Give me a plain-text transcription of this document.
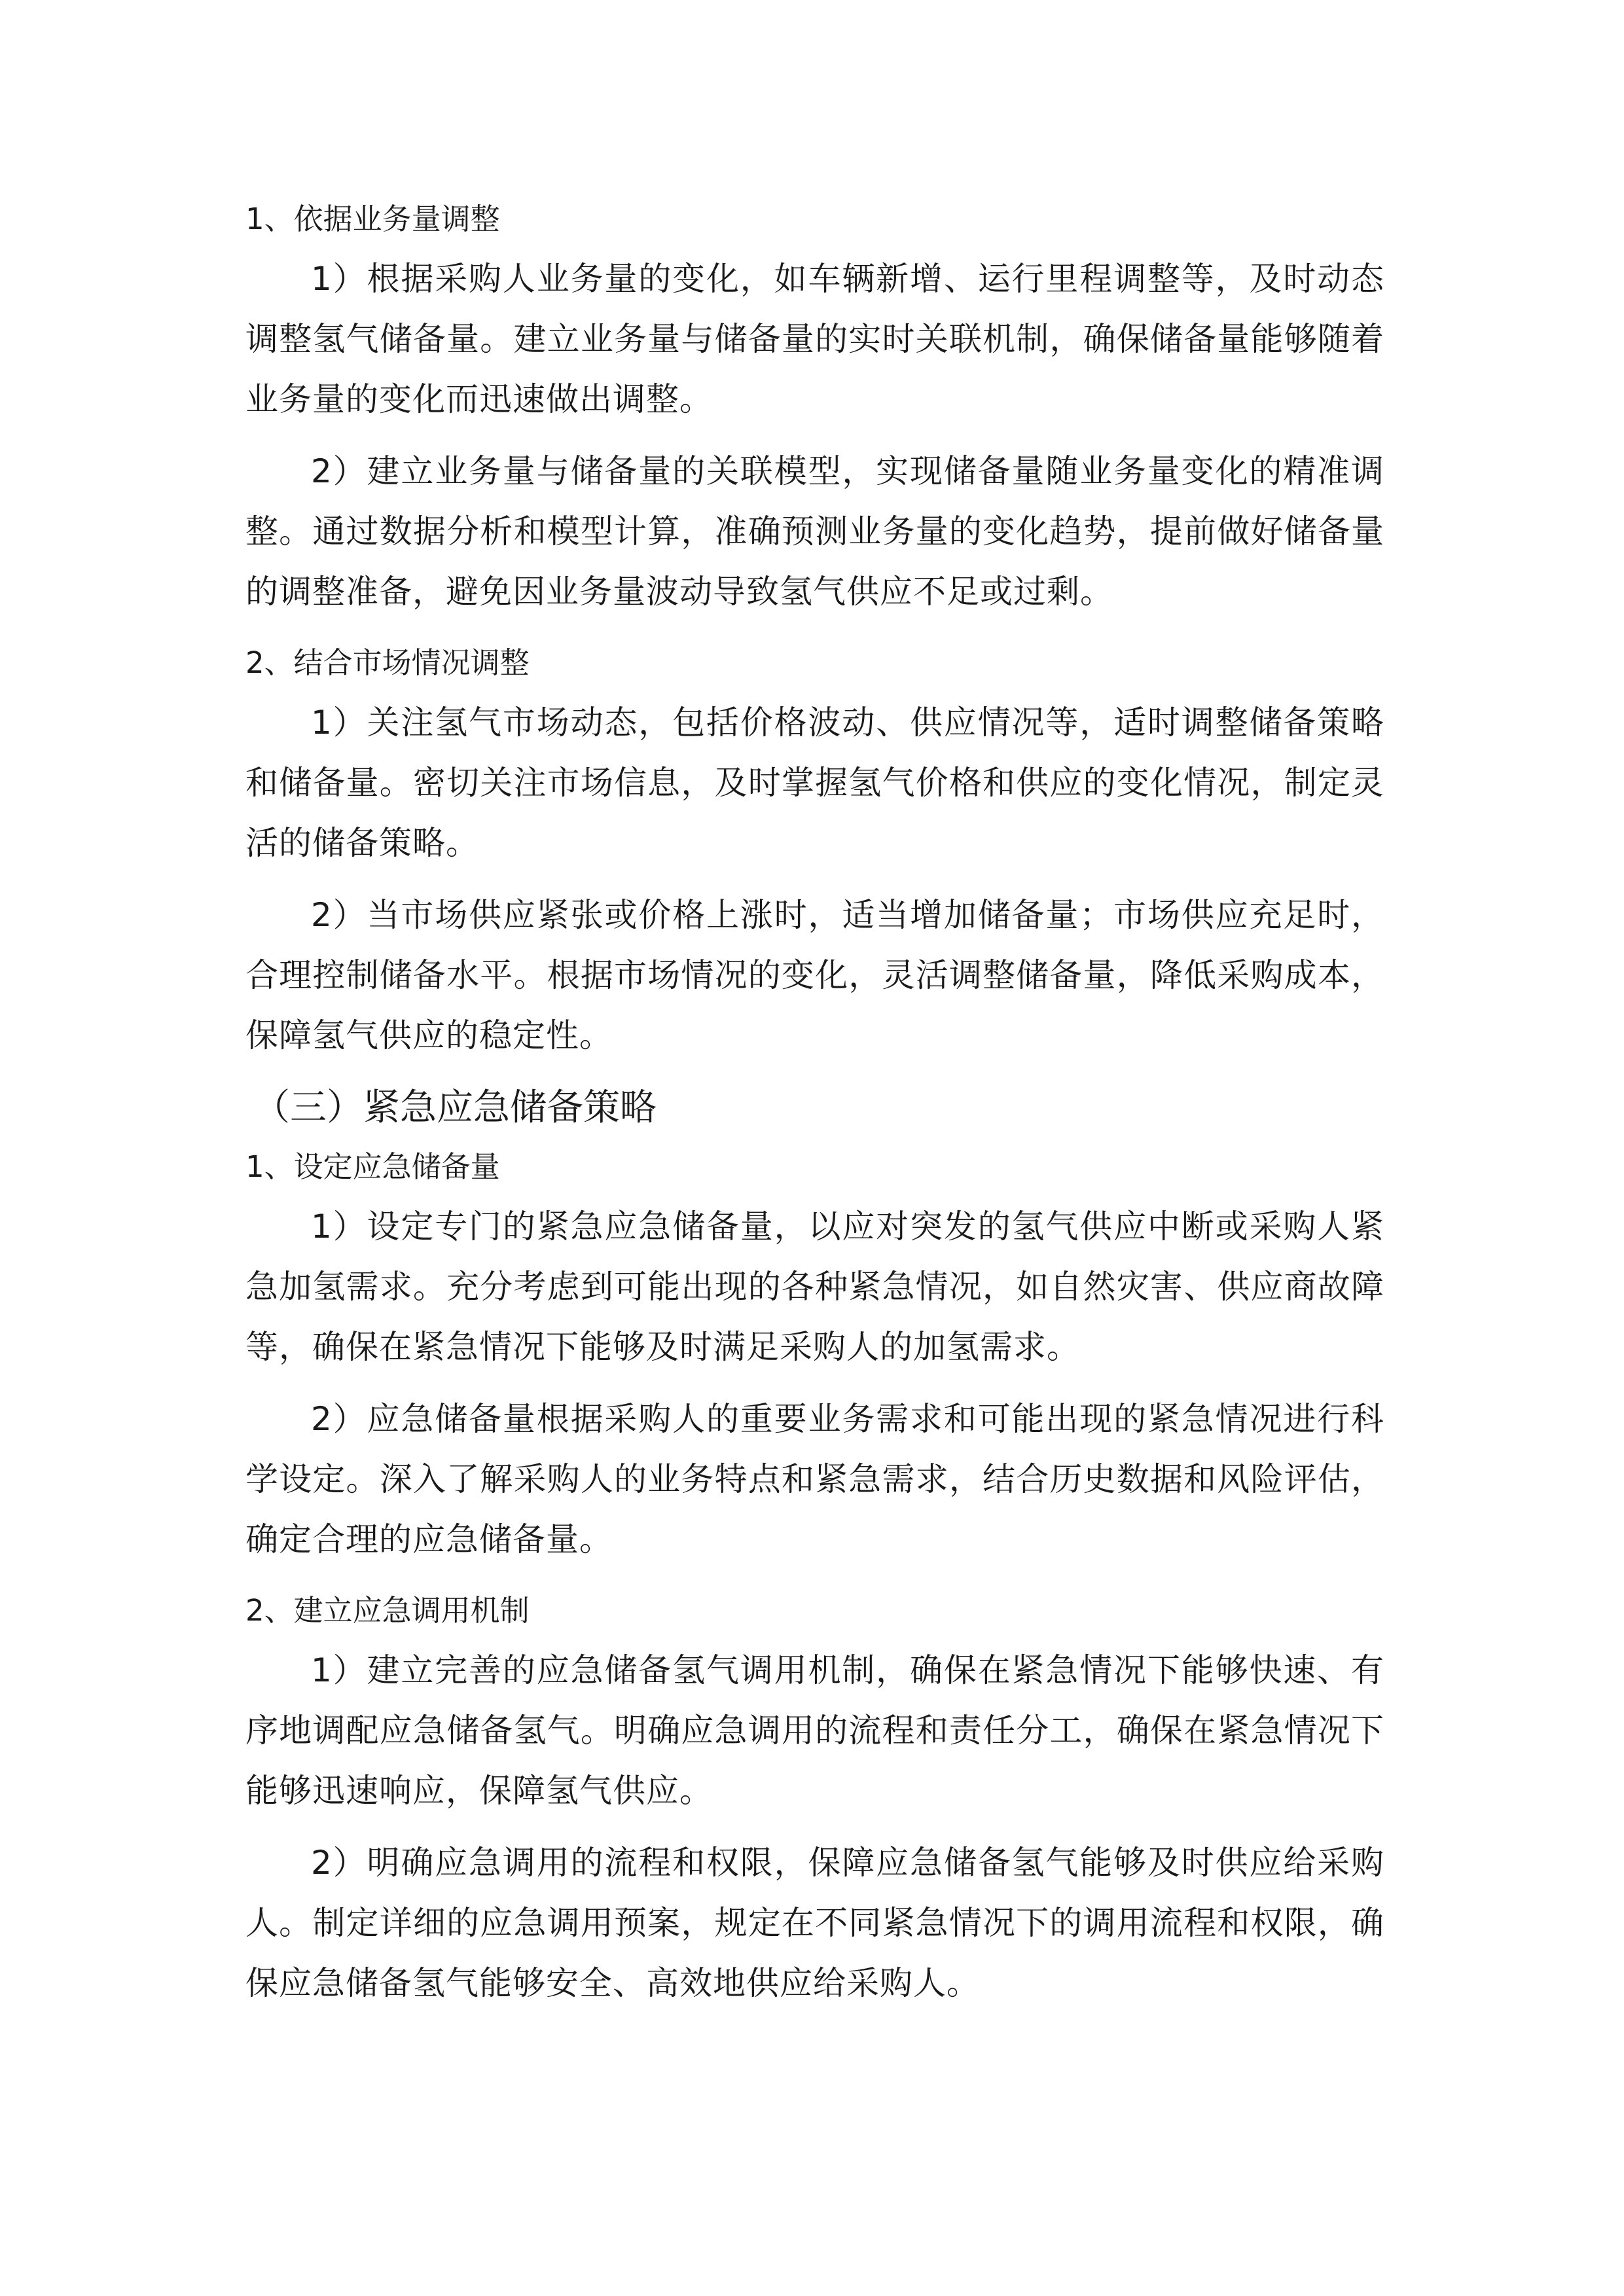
1、依据业务量调整

1）根据采购人业务量的变化，如车辆新增、运行里程调整等，及时动态调整氢气储备量。建立业务量与储备量的实时关联机制，确保储备量能够随着业务量的变化而迅速做出调整。

2）建立业务量与储备量的关联模型，实现储备量随业务量变化的精准调整。通过数据分析和模型计算，准确预测业务量的变化趋势，提前做好储备量的调整准备，避免因业务量波动导致氢气供应不足或过剩。

2、结合市场情况调整

1）关注氢气市场动态，包括价格波动、供应情况等，适时调整储备策略和储备量。密切关注市场信息，及时掌握氢气价格和供应的变化情况，制定灵活的储备策略。

2）当市场供应紧张或价格上涨时，适当增加储备量；市场供应充足时，合理控制储备水平。根据市场情况的变化，灵活调整储备量，降低采购成本，保障氢气供应的稳定性。

（三）紧急应急储备策略

1、设定应急储备量

1）设定专门的紧急应急储备量，以应对突发的氢气供应中断或采购人紧急加氢需求。充分考虑到可能出现的各种紧急情况，如自然灾害、供应商故障等，确保在紧急情况下能够及时满足采购人的加氢需求。

2）应急储备量根据采购人的重要业务需求和可能出现的紧急情况进行科学设定。深入了解采购人的业务特点和紧急需求，结合历史数据和风险评估，确定合理的应急储备量。

2、建立应急调用机制

1）建立完善的应急储备氢气调用机制，确保在紧急情况下能够快速、有序地调配应急储备氢气。明确应急调用的流程和责任分工，确保在紧急情况下能够迅速响应，保障氢气供应。

2）明确应急调用的流程和权限，保障应急储备氢气能够及时供应给采购人。制定详细的应急调用预案，规定在不同紧急情况下的调用流程和权限，确保应急储备氢气能够安全、高效地供应给采购人。
